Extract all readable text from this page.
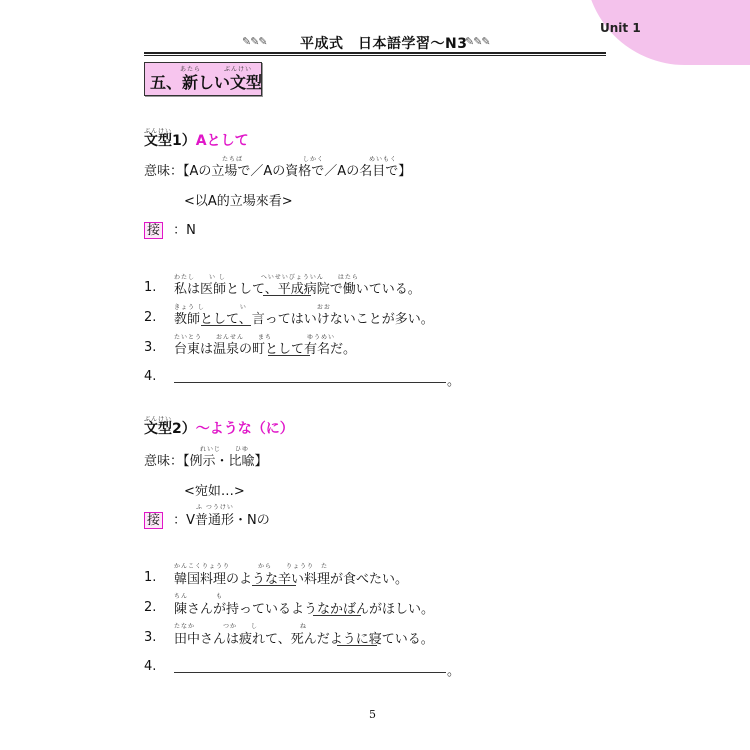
Unit 1
✎✎✎ 平成式　日本語学習〜N3
✎✎✎
あたら	ぶんけい
五、新しい文型
ぶんけい
文型1）Aとして
たちば	しかく	めいもく
意味：【Aの立場で／Aの資格で／Aの名目で】
<以A的立場來看>
接 ：N
わたし　　い し　　　　　へいせいびょういん　　はたら
1. 私は医師として、平成病院で働いている。
きょう し　　　　　い　　　　　　　　　　おお
2. 教師として、言ってはいけないことが多い。
たいとう　　おんせん　　まち　　　　　ゆうめい
3. 台東は温泉の町として有名だ。
4.	。
ぶんけい
文型2）〜ような（に）
れいじ　　ひゆ
意味：【例示・比喩】
<宛如…>
ふ つうけい
接 ：V普通形・Nの
かんこくりょうり　　　　から　　りょうり　た
1. 韓国料理のような辛い料理が食べたい。
ちん　　　　も
2. 陳さんが持っているようなかばんがほしい。
たなか　　　　つか　　し　　　　　　ね
3. 田中さんは疲れて、死んだように寝ている。
4.	。
5
